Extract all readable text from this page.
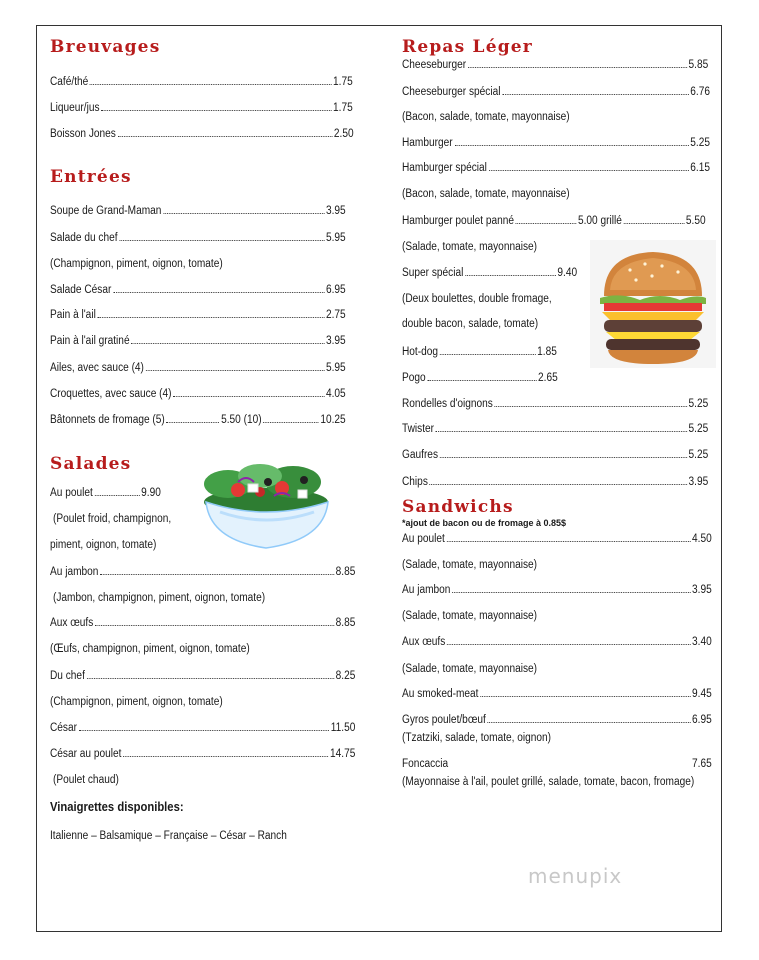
Breuvages
Café/thé	1.75
Liqueur/jus	1.75
Boisson Jones	2.50
Entrées
Soupe de Grand-Maman	3.95
Salade du chef	5.95
(Champignon, piment, oignon, tomate)
Salade César	6.95
Pain à l'ail	2.75
Pain à l'ail gratiné	3.95
Ailes, avec sauce (4)	5.95
Croquettes, avec sauce (4)	4.05
Bâtonnets de fromage (5)	5.50
(10)	10.25
Salades
Au poulet	9.90
(Poulet froid, champignon,
piment, oignon, tomate)
Au jambon	8.85
(Jambon, champignon, piment, oignon, tomate)
Aux œufs	8.85
(Œufs, champignon, piment, oignon, tomate)
Du chef	8.25
(Champignon, piment, oignon, tomate)
César	11.50
César au poulet	14.75
(Poulet chaud)
Vinaigrettes disponibles:
Italienne – Balsamique – Française – César – Ranch
Repas Léger
Cheeseburger	5.85
Cheeseburger spécial	6.76
(Bacon, salade, tomate, mayonnaise)
Hamburger	5.25
Hamburger spécial	6.15
(Bacon, salade, tomate, mayonnaise)
Hamburger poulet panné	5.00
grillé	5.50
(Salade, tomate, mayonnaise)
Super spécial	9.40
(Deux boulettes, double fromage,
double bacon, salade, tomate)
Hot-dog	1.85
Pogo	2.65
Rondelles d'oignons	5.25
Twister	5.25
Gaufres	5.25
Chips	3.95
Sandwichs
*ajout de bacon ou de fromage à 0.85$
Au poulet	4.50
(Salade, tomate, mayonnaise)
Au jambon	3.95
(Salade, tomate, mayonnaise)
Aux œufs	3.40
(Salade, tomate, mayonnaise)
Au smoked-meat	9.45
Gyros poulet/bœuf	6.95
(Tzatziki, salade, tomate, oignon)
Foncaccia	7.65
(Mayonnaise à l'ail, poulet grillé, salade, tomate, bacon, fromage)
menupix
